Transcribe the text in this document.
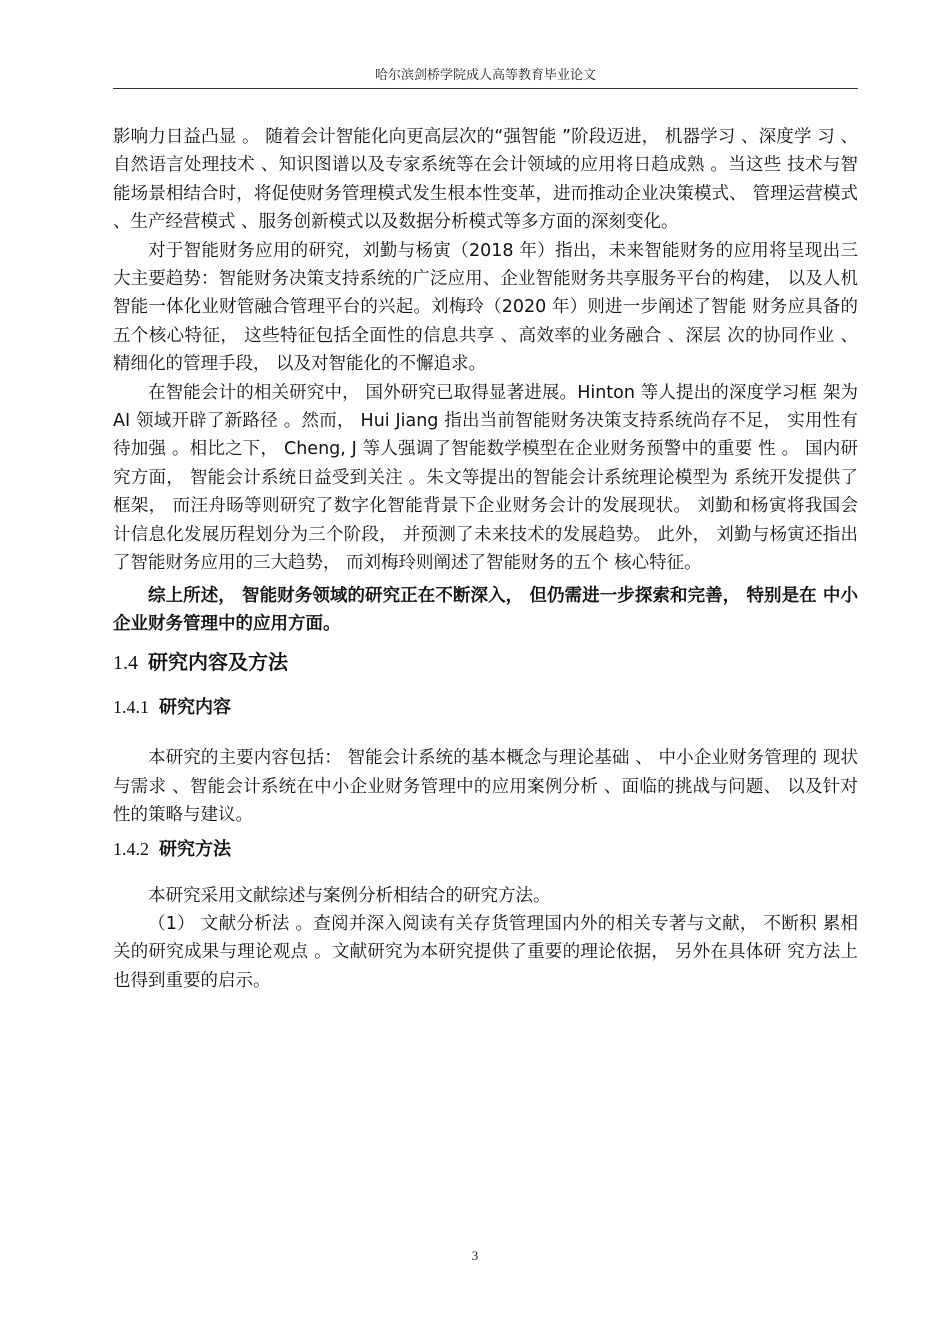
哈尔滨剑桥学院成人高等教育毕业论文

影响力日益凸显 。 随着会计智能化向更高层次的“强智能 ”阶段迈进， 机器学习 、深度学 习 、 自然语言处理技术 、知识图谱以及专家系统等在会计领域的应用将日趋成熟 。当这些 技术与智能场景相结合时，将促使财务管理模式发生根本性变革，进而推动企业决策模式、 管理运营模式 、生产经营模式 、服务创新模式以及数据分析模式等多方面的深刻变化。

对于智能财务应用的研究，刘勤与杨寅（2018 年）指出，未来智能财务的应用将呈现出三大主要趋势：智能财务决策支持系统的广泛应用、企业智能财务共享服务平台的构建， 以及人机智能一体化业财管融合管理平台的兴起。刘梅玲（2020 年）则进一步阐述了智能 财务应具备的五个核心特征， 这些特征包括全面性的信息共享 、高效率的业务融合 、深层 次的协同作业 、精细化的管理手段， 以及对智能化的不懈追求。

在智能会计的相关研究中， 国外研究已取得显著进展。Hinton 等人提出的深度学习框 架为 AI 领域开辟了新路径 。然而， Hui Jiang 指出当前智能财务决策支持系统尚存不足， 实用性有待加强 。相比之下， Cheng, J 等人强调了智能数学模型在企业财务预警中的重要 性 。 国内研究方面， 智能会计系统日益受到关注 。朱文等提出的智能会计系统理论模型为 系统开发提供了框架， 而汪舟旸等则研究了数字化智能背景下企业财务会计的发展现状。 刘勤和杨寅将我国会计信息化发展历程划分为三个阶段， 并预测了未来技术的发展趋势。 此外， 刘勤与杨寅还指出了智能财务应用的三大趋势， 而刘梅玲则阐述了智能财务的五个 核心特征。

综上所述， 智能财务领域的研究正在不断深入， 但仍需进一步探索和完善， 特别是在 中小企业财务管理中的应用方面。

1.4 研究内容及方法
1.4.1 研究内容

本研究的主要内容包括： 智能会计系统的基本概念与理论基础 、 中小企业财务管理的 现状与需求 、智能会计系统在中小企业财务管理中的应用案例分析 、面临的挑战与问题、 以及针对性的策略与建议。

1.4.2 研究方法

本研究采用文献综述与案例分析相结合的研究方法。

（1） 文献分析法 。查阅并深入阅读有关存货管理国内外的相关专著与文献， 不断积 累相关的研究成果与理论观点 。文献研究为本研究提供了重要的理论依据， 另外在具体研 究方法上也得到重要的启示。

3
